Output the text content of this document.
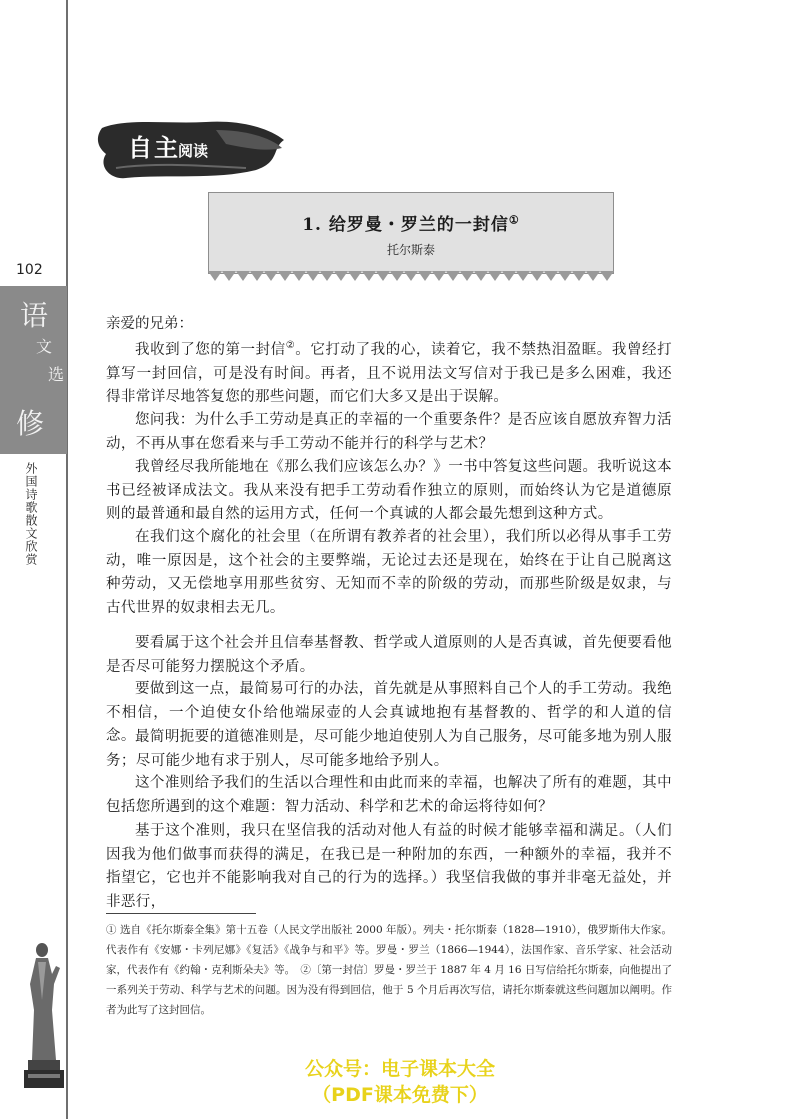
102
语
文
选
修
外国诗歌散文欣赏
自主
阅读
1. 给罗曼・罗兰的一封信①
托尔斯泰
亲爱的兄弟：

我收到了您的第一封信②。它打动了我的心，读着它，我不禁热泪盈眶。我曾经打算写一封回信，可是没有时间。再者，且不说用法文写信对于我已是多么困难，我还得非常详尽地答复您的那些问题，而它们大多又是出于误解。

您问我：为什么手工劳动是真正的幸福的一个重要条件？是否应该自愿放弃智力活动，不再从事在您看来与手工劳动不能并行的科学与艺术？

我曾经尽我所能地在《那么我们应该怎么办？》一书中答复这些问题。我听说这本书已经被译成法文。我从来没有把手工劳动看作独立的原则，而始终认为它是道德原则的最普通和最自然的运用方式，任何一个真诚的人都会最先想到这种方式。

在我们这个腐化的社会里（在所谓有教养者的社会里），我们所以必得从事手工劳动，唯一原因是，这个社会的主要弊端，无论过去还是现在，始终在于让自己脱离这种劳动，又无偿地享用那些贫穷、无知而不幸的阶级的劳动，而那些阶级是奴隶，与古代世界的奴隶相去无几。

要看属于这个社会并且信奉基督教、哲学或人道原则的人是否真诚，首先便要看他是否尽可能努力摆脱这个矛盾。

要做到这一点，最简易可行的办法，首先就是从事照料自己个人的手工劳动。我绝不相信，一个迫使女仆给他端尿壶的人会真诚地抱有基督教的、哲学的和人道的信念。 最简明扼要的道德准则是，尽可能少地迫使别人为自己服务，尽可能多地为别人服务；尽可能少地有求于别人，尽可能多地给予别人。

这个准则给予我们的生活以合理性和由此而来的幸福，也解决了所有的难题，其中包括您所遇到的这个难题：智力活动、科学和艺术的命运将待如何？

基于这个准则，我只在坚信我的活动对他人有益的时候才能够幸福和满足。（人们因我为他们做事而获得的满足，在我已是一种附加的东西，一种额外的幸福，我并不指望它，它也并不能影响我对自己的行为的选择。）我坚信我做的事并非毫无益处，并非恶行，

① 选自《托尔斯泰全集》第十五卷（人民文学出版社 2000 年版）。列夫・托尔斯泰（1828—1910），俄罗斯伟大作家。代表作有《安娜・卡列尼娜》《复活》《战争与和平》等。罗曼・罗兰（1866—1944），法国作家、音乐学家、社会活动家，代表作有《约翰・克利斯朵夫》等。　②〔第一封信〕罗曼・罗兰于 1887 年 4 月 16 日写信给托尔斯泰，向他提出了一系列关于劳动、科学与艺术的问题。因为没有得到回信，他于 5 个月后再次写信，请托尔斯泰就这些问题加以阐明。作者为此写了这封回信。
公众号：电子课本大全
（PDF课本免费下）
